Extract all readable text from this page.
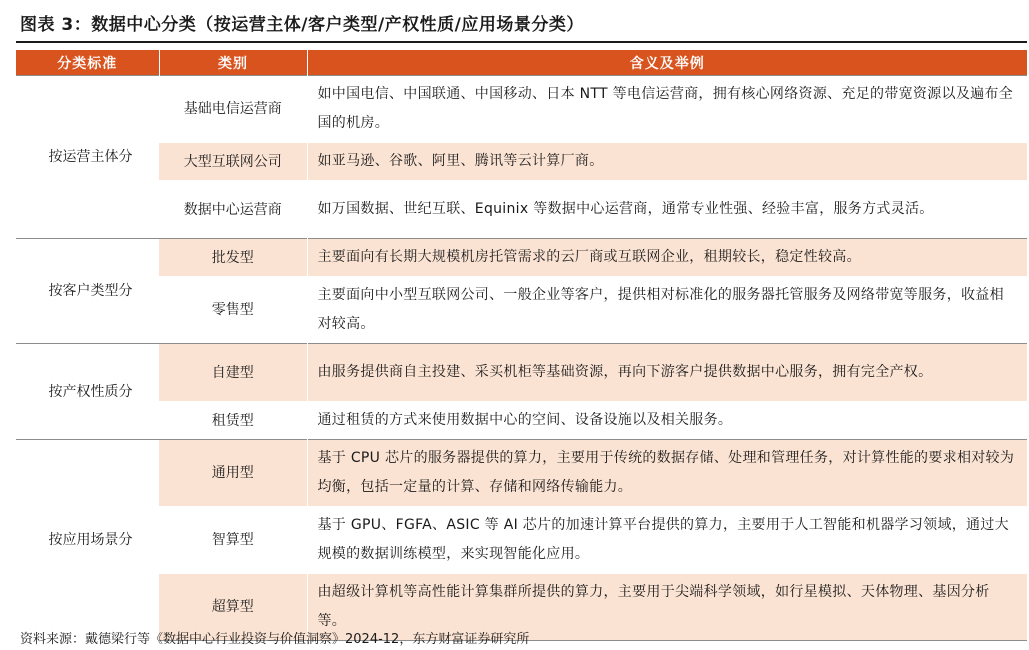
图表 3：数据中心分类（按运营主体/客户类型/产权性质/应用场景分类）
分类标准	类别	含义及举例
按运营主体分	基础电信运营商	如中国电信、中国联通、中国移动、日本 NTT 等电信运营商，拥有核心网络资源、充足的带宽资源以及遍布全国的机房。
	大型互联网公司	如亚马逊、谷歌、阿里、腾讯等云计算厂商。
	数据中心运营商	如万国数据、世纪互联、Equinix 等数据中心运营商，通常专业性强、经验丰富，服务方式灵活。
按客户类型分	批发型	主要面向有长期大规模机房托管需求的云厂商或互联网企业，租期较长，稳定性较高。
	零售型	主要面向中小型互联网公司、一般企业等客户，提供相对标准化的服务器托管服务及网络带宽等服务，收益相对较高。
按产权性质分	自建型	由服务提供商自主投建、采买机柜等基础资源，再向下游客户提供数据中心服务，拥有完全产权。
	租赁型	通过租赁的方式来使用数据中心的空间、设备设施以及相关服务。
按应用场景分	通用型	基于 CPU 芯片的服务器提供的算力，主要用于传统的数据存储、处理和管理任务，对计算性能的要求相对较为均衡，包括一定量的计算、存储和网络传输能力。
	智算型	基于 GPU、FGFA、ASIC 等 AI 芯片的加速计算平台提供的算力，主要用于人工智能和机器学习领域，通过大规模的数据训练模型，来实现智能化应用。
	超算型	由超级计算机等高性能计算集群所提供的算力，主要用于尖端科学领域，如行星模拟、天体物理、基因分析等。
资料来源：戴德梁行等《数据中心行业投资与价值洞察》2024-12，东方财富证券研究所
